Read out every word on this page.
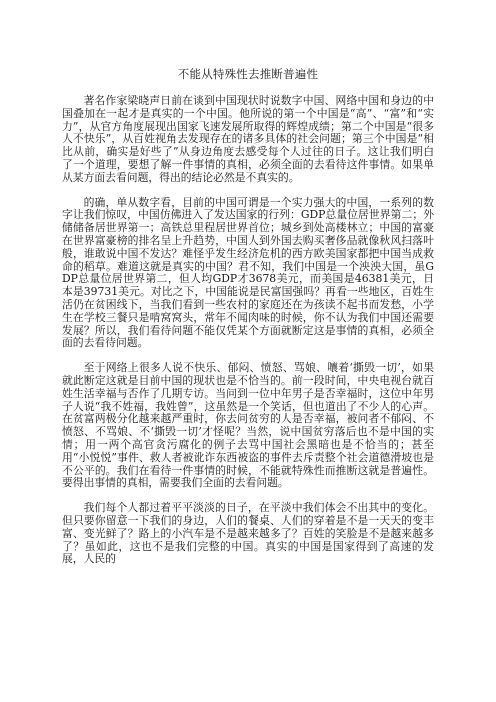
不能从特殊性去推断普遍性

著名作家梁晓声日前在谈到中国现状时说数字中国、网络中国和身边的中国叠加在一起才是真实的一个中国。他所说的第一个中国是“高”、“富”和“实力”，从官方角度展现出国家飞速发展所取得的辉煌成绩；第二个中国是“很多人不快乐”，从百姓视角去发现存在的诸多具体的社会问题；第三个中国是“相比从前，确实是好些了”从身边角度去感受每个人过往的日子。这让我们明白了一个道理，要想了解一件事情的真相，必须全面的去看待这件事情。如果单从某方面去看问题，得出的结论必然是不真实的。

的确，单从数字看，目前的中国可谓是一个实力强大的中国，一系列的数字让我们惊叹，中国仿佛进入了发达国家的行列：GDP总量位居世界第二；外储储备居世界第一；高铁总里程居世界首位；城乡到处高楼林立；中国的富豪在世界富豪榜的排名呈上升趋势，中国人到外国去购买奢侈品就像秋风扫落叶般，谁敢说中国不发达？难怪乎发生经济危机的西方欧美国家都把中国当成救命的稻草。难道这就是真实的中国？君不知，我们中国是一个泱泱大国，虽GDP总量位居世界第二，但人均GDP才3678美元，而美国是46381美元，日本是39731美元。对比之下，中国能说是民富国强吗？再看一些地区，百姓生活仍在贫困线下，当我们看到一些农村的家庭还在为孩读不起书而发愁，小学生在学校三餐只是啃窝窝头，常年不闻肉味的时候，你不认为我们中国还需要发展？所以，我们看待问题不能仅凭某个方面就断定这是事情的真相，必须全面的去看待问题。

至于网络上很多人说不快乐、郁闷、愤怒、骂娘、嚷着‘撕毁一切’，如果就此断定这就是目前中国的现状也是不恰当的。前一段时间，中央电视台就百姓生活幸福与否作了几期专访。当问到一位中年男子是否幸福时，这位中年男子人说“我不姓福，我姓曾”，这虽然是一个笑话，但也道出了不少人的心声。在贫富两极分化越来越严重时，你去问贫穷的人是否幸福，被问者不郁闷、不愤怒、不骂娘、不‘撕毁一切’才怪呢？当然，说中国贫穷落后也不是中国的实情；用一两个高官贪污腐化的例子去骂中国社会黑暗也是不恰当的；甚至用“小悦悦”事件、救人者被讹诈东西被盗的事件去斥责整个社会道德滑坡也是不公平的。我们在看待一件事情的时候，不能就特殊性而推断这就是普遍性。要得出事情的真相，需要我们全面的去看问题。

我们每个人都过着平平淡淡的日子，在平淡中我们体会不出其中的变化。但只要你留意一下我们的身边，人们的餐桌、人们的穿着是不是一天天的变丰富、变光鲜了？路上的小汽车是不是越来越多了？百姓的笑脸是不是越来越多了？虽如此，这也不是我们完整的中国。真实的中国是国家得到了高速的发展，人民的
